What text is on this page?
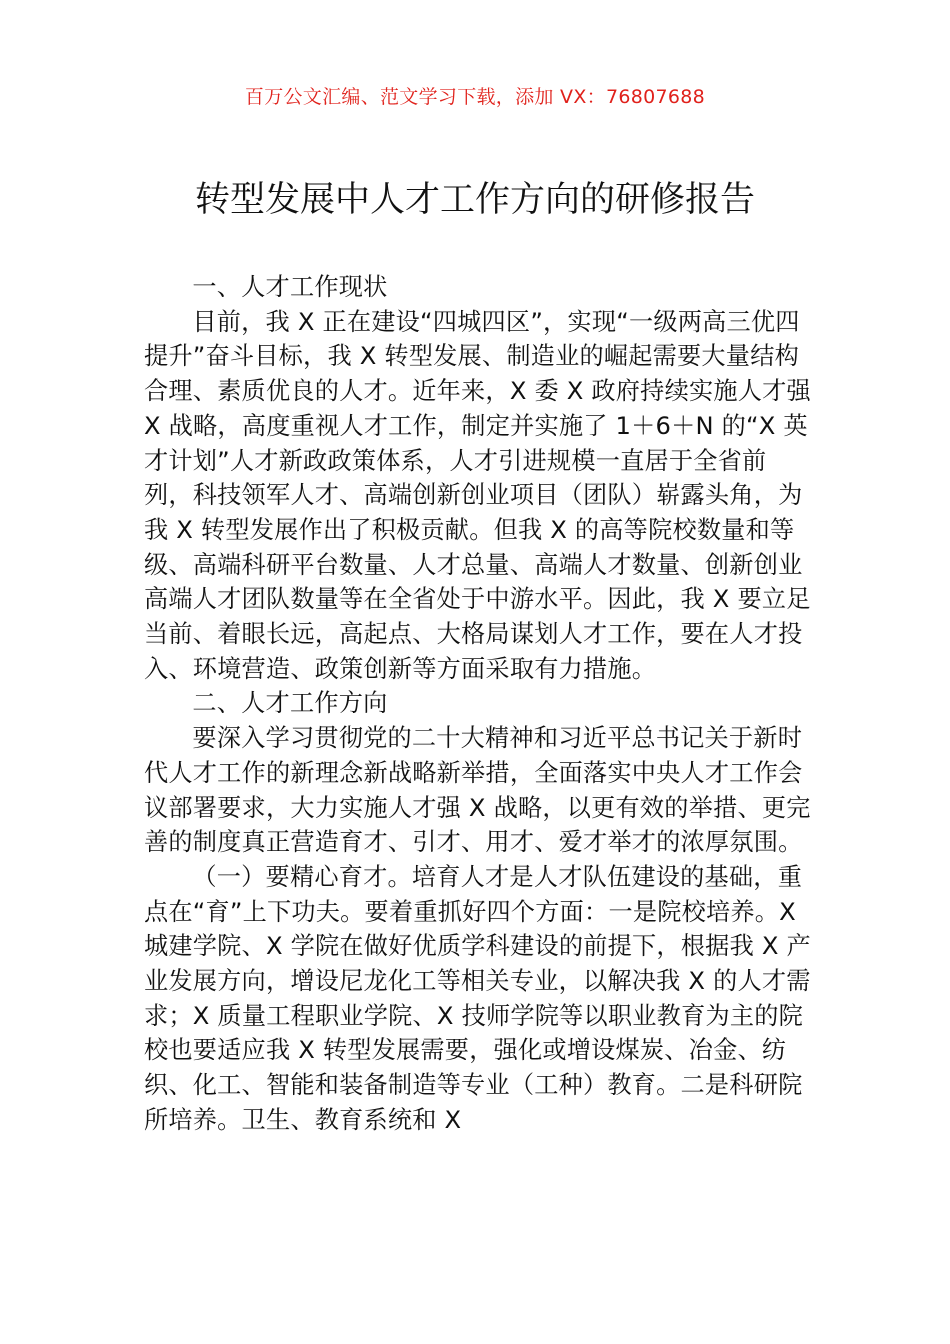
百万公文汇编、范文学习下载，添加 VX：76807688
转型发展中人才工作方向的研修报告

一、人才工作现状

目前，我 X 正在建设“四城四区”，实现“一级两高三优四提升”奋斗目标，我 X 转型发展、制造业的崛起需要大量结构合理、素质优良的人才。近年来，X 委 X 政府持续实施人才强 X 战略，高度重视人才工作，制定并实施了 1＋6＋N 的“X 英才计划”人才新政政策体系，人才引进规模一直居于全省前列，科技领军人才、高端创新创业项目（团队）崭露头角，为我 X 转型发展作出了积极贡献。但我 X 的高等院校数量和等级、高端科研平台数量、人才总量、高端人才数量、创新创业高端人才团队数量等在全省处于中游水平。因此，我 X 要立足当前、着眼长远，高起点、大格局谋划人才工作，要在人才投入、环境营造、政策创新等方面采取有力措施。

二、人才工作方向

要深入学习贯彻党的二十大精神和习近平总书记关于新时代人才工作的新理念新战略新举措，全面落实中央人才工作会议部署要求，大力实施人才强 X 战略，以更有效的举措、更完善的制度真正营造育才、引才、用才、爱才举才的浓厚氛围。

（一）要精心育才。培育人才是人才队伍建设的基础，重点在“育”上下功夫。要着重抓好四个方面：一是院校培养。X 城建学院、X 学院在做好优质学科建设的前提下，根据我 X 产业发展方向，增设尼龙化工等相关专业，以解决我 X 的人才需求；X 质量工程职业学院、X 技师学院等以职业教育为主的院校也要适应我 X 转型发展需要，强化或增设煤炭、冶金、纺织、化工、智能和装备制造等专业（工种）教育。二是科研院所培养。卫生、教育系统和 X
